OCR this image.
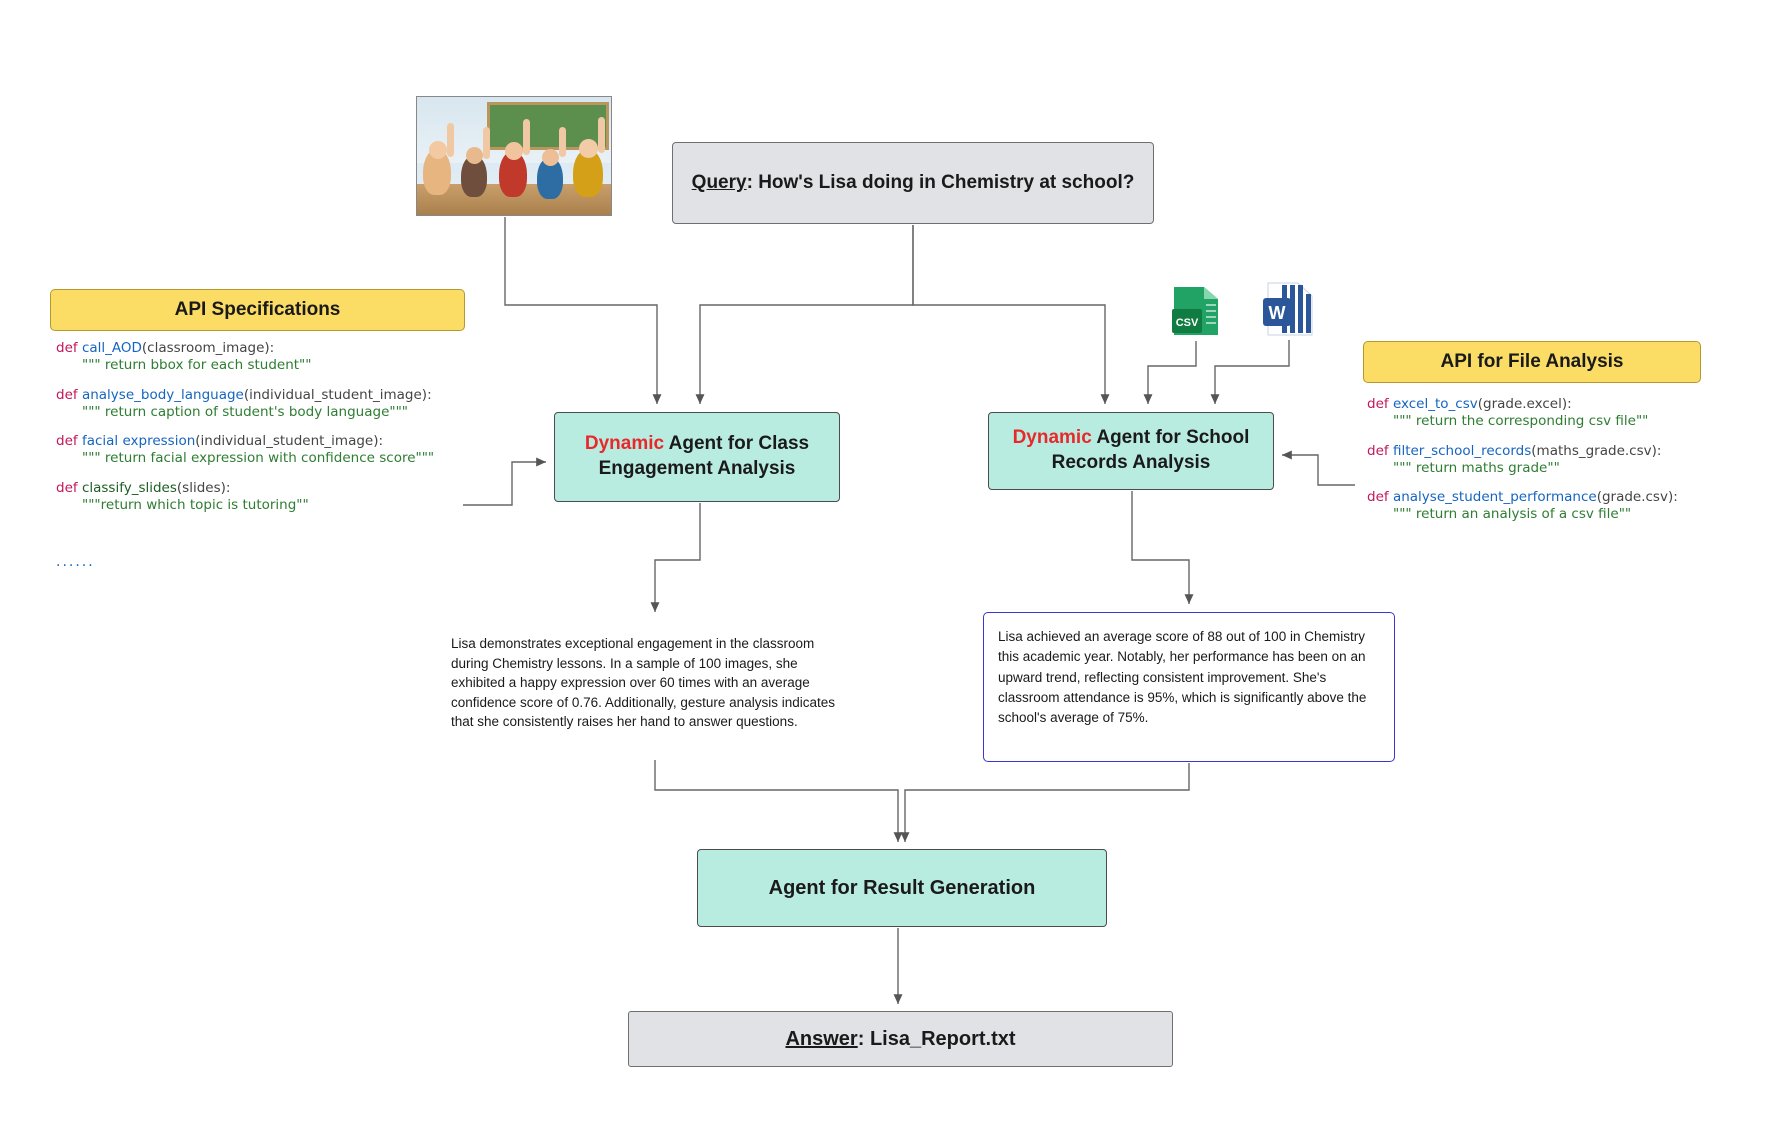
Query: How's Lisa doing in Chemistry at school?
API Specifications
def call_AOD(classroom_image):
""" return bbox for each student""
def analyse_body_language(individual_student_image):
""" return caption of student's body language"""
def facial expression(individual_student_image):
""" return facial expression with confidence score"""
def classify_slides(slides):
"""return which topic is tutoring""
......
API for File Analysis
def excel_to_csv(grade.excel):
""" return the corresponding csv file""
def filter_school_records(maths_grade.csv):
""" return maths grade""
def analyse_student_performance(grade.csv):
""" return an analysis of a csv file""
CSV	W
Dynamic Agent for Class Engagement Analysis
Dynamic Agent for School Records Analysis
Agent for Result Generation
Lisa demonstrates exceptional engagement in the classroom during Chemistry lessons. In a sample of 100 images, she exhibited a happy expression over 60 times with an average confidence score of 0.76. Additionally, gesture analysis indicates that she consistently raises her hand to answer questions.
Lisa achieved an average score of 88 out of 100 in Chemistry this academic year. Notably, her performance has been on an upward trend, reflecting consistent improvement. She's classroom attendance is 95%, which is significantly above the school's average of 75%.
Answer: Lisa_Report.txt
